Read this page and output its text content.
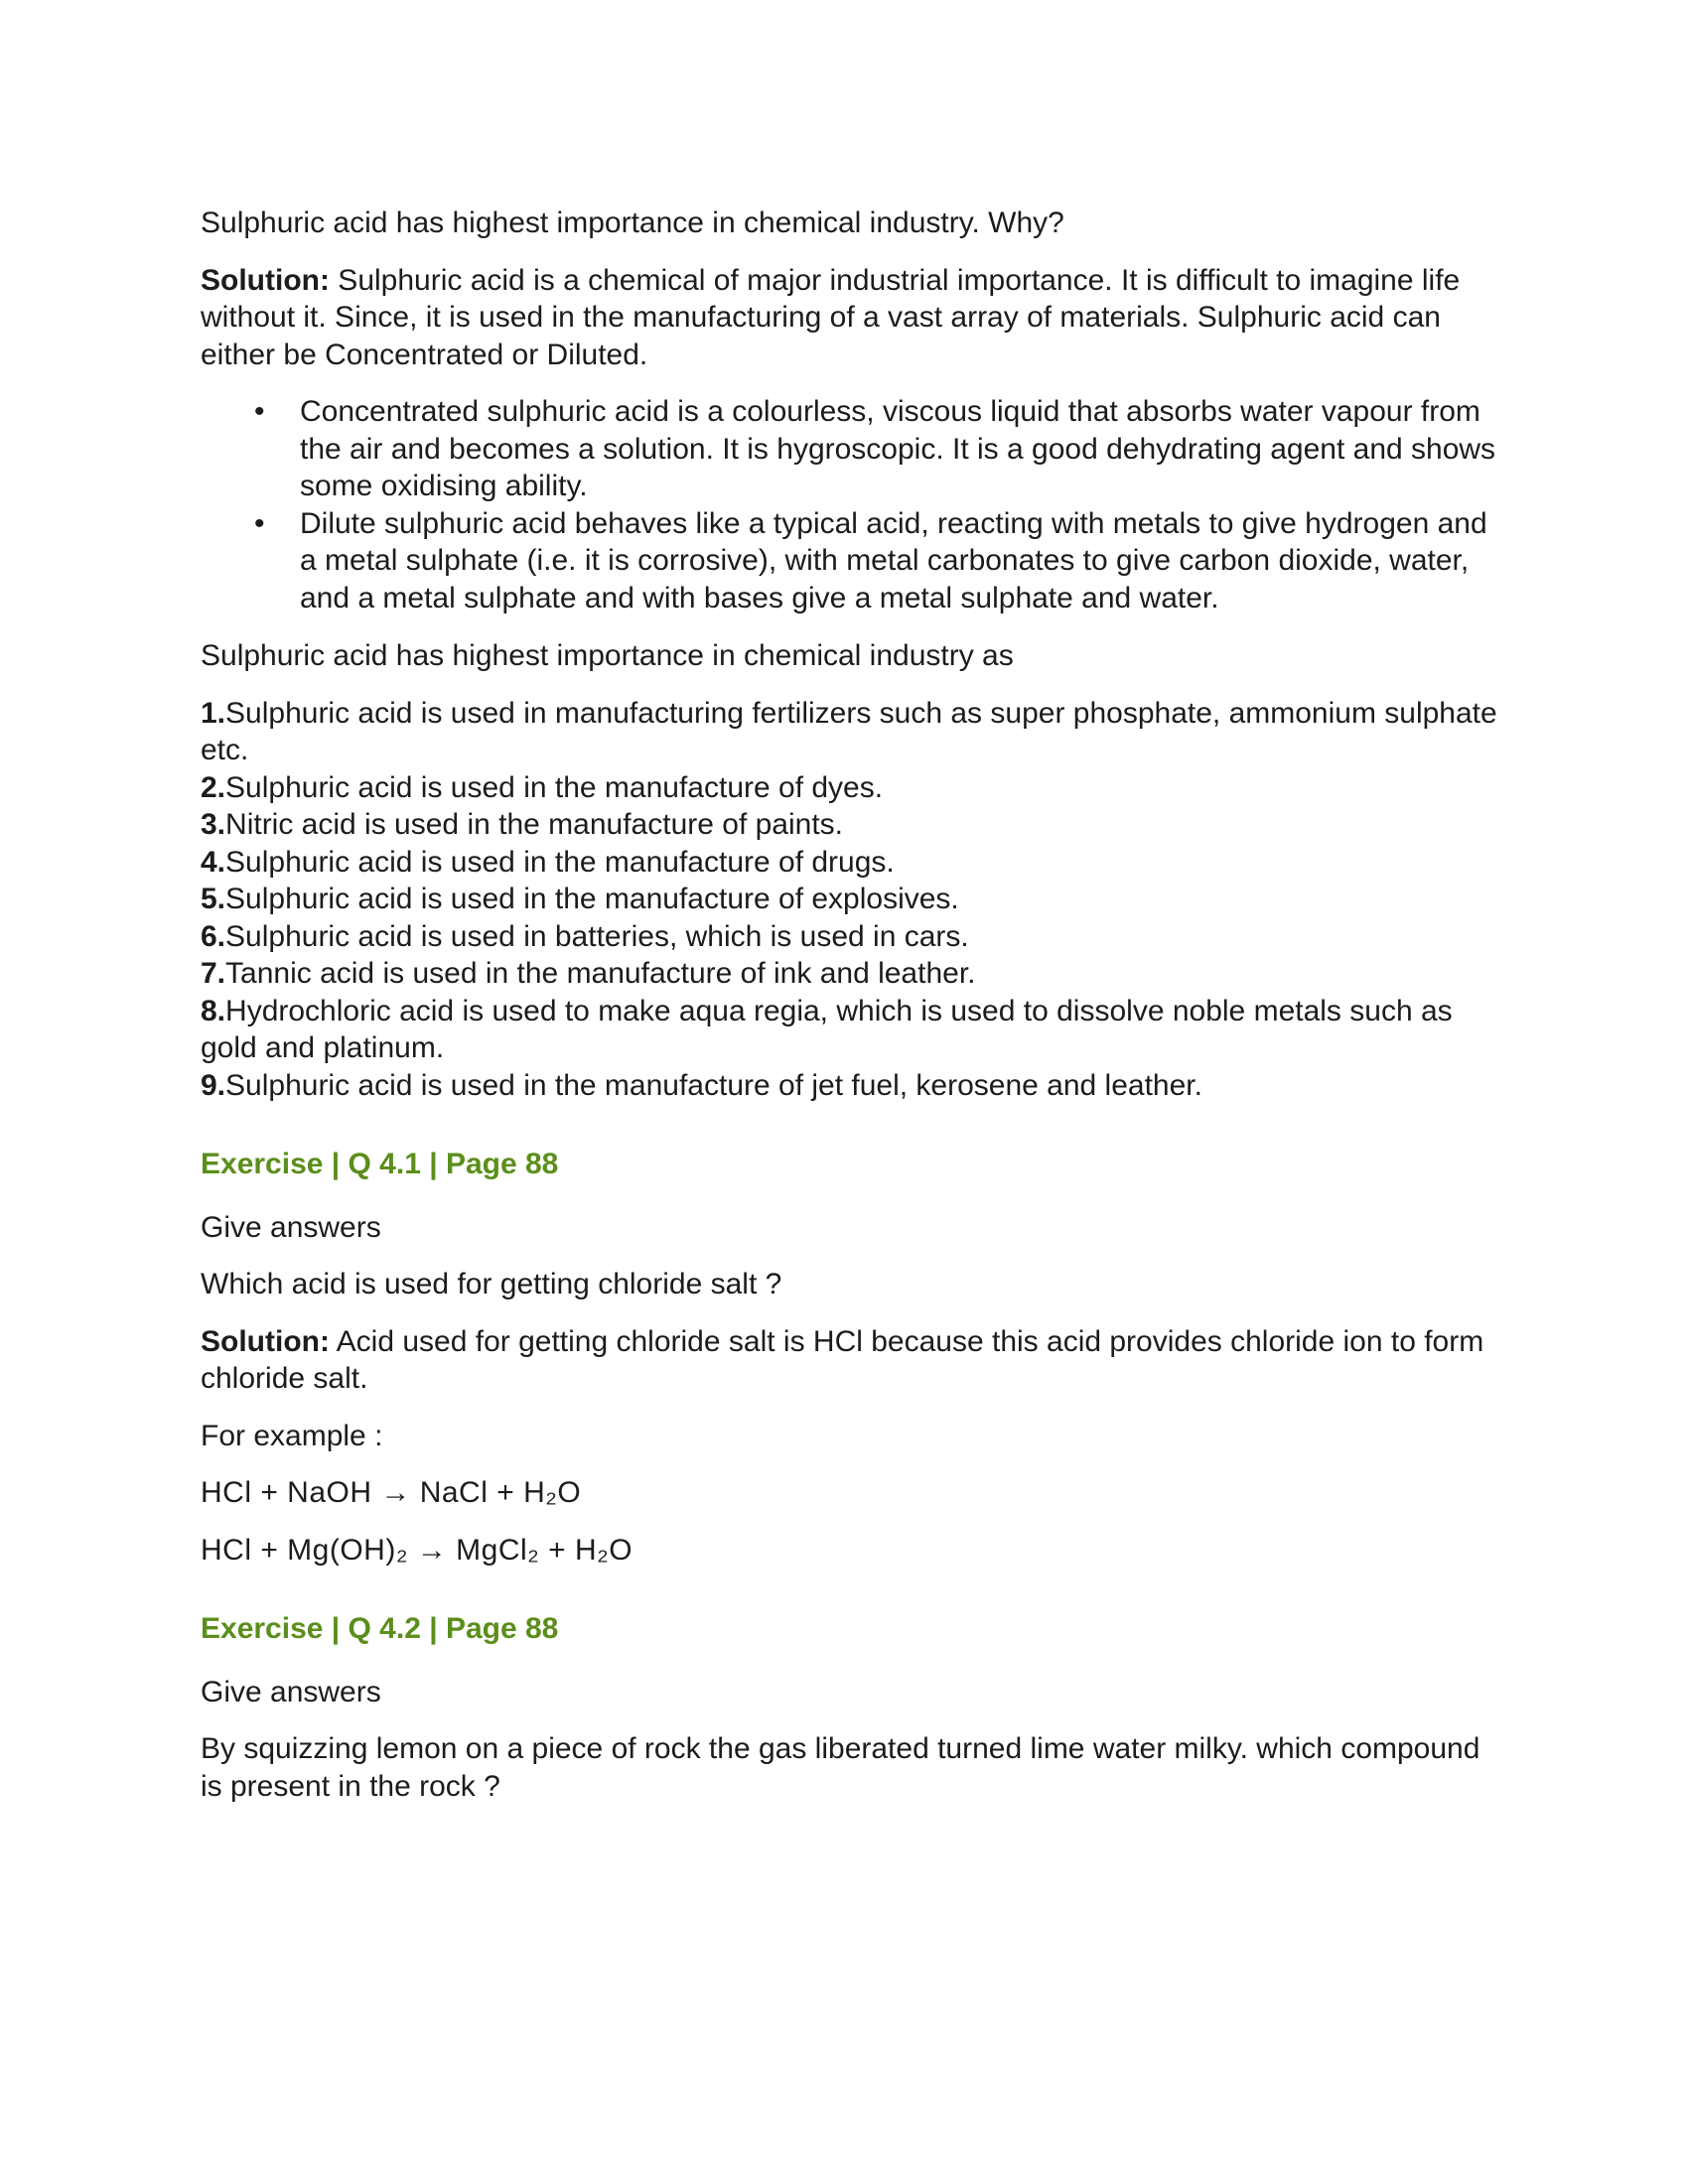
Sulphuric acid has highest importance in chemical industry. Why?

Solution: Sulphuric acid is a chemical of major industrial importance. It is difficult to imagine life without it. Since, it is used in the manufacturing of a vast array of materials. Sulphuric acid can either be Concentrated or Diluted.

• Concentrated sulphuric acid is a colourless, viscous liquid that absorbs water vapour from the air and becomes a solution. It is hygroscopic. It is a good dehydrating agent and shows some oxidising ability.
• Dilute sulphuric acid behaves like a typical acid, reacting with metals to give hydrogen and a metal sulphate (i.e. it is corrosive), with metal carbonates to give carbon dioxide, water, and a metal sulphate and with bases give a metal sulphate and water.

Sulphuric acid has highest importance in chemical industry as

1.Sulphuric acid is used in manufacturing fertilizers such as super phosphate, ammonium sulphate etc.

2.Sulphuric acid is used in the manufacture of dyes.

3.Nitric acid is used in the manufacture of paints.

4.Sulphuric acid is used in the manufacture of drugs.

5.Sulphuric acid is used in the manufacture of explosives.

6.Sulphuric acid is used in batteries, which is used in cars.

7.Tannic acid is used in the manufacture of ink and leather.

8.Hydrochloric acid is used to make aqua regia, which is used to dissolve noble metals such as gold and platinum.

9.Sulphuric acid is used in the manufacture of jet fuel, kerosene and leather.

Exercise | Q 4.1 | Page 88

Give answers

Which acid is used for getting chloride salt ?

Solution: Acid used for getting chloride salt is HCl because this acid provides chloride ion to form chloride salt.

For example :

HCl + NaOH → NaCl + H₂O

HCl + Mg(OH)₂ → MgCl₂ + H₂O

Exercise | Q 4.2 | Page 88

Give answers

By squizzing lemon on a piece of rock the gas liberated turned lime water milky. which compound is present in the rock ?
